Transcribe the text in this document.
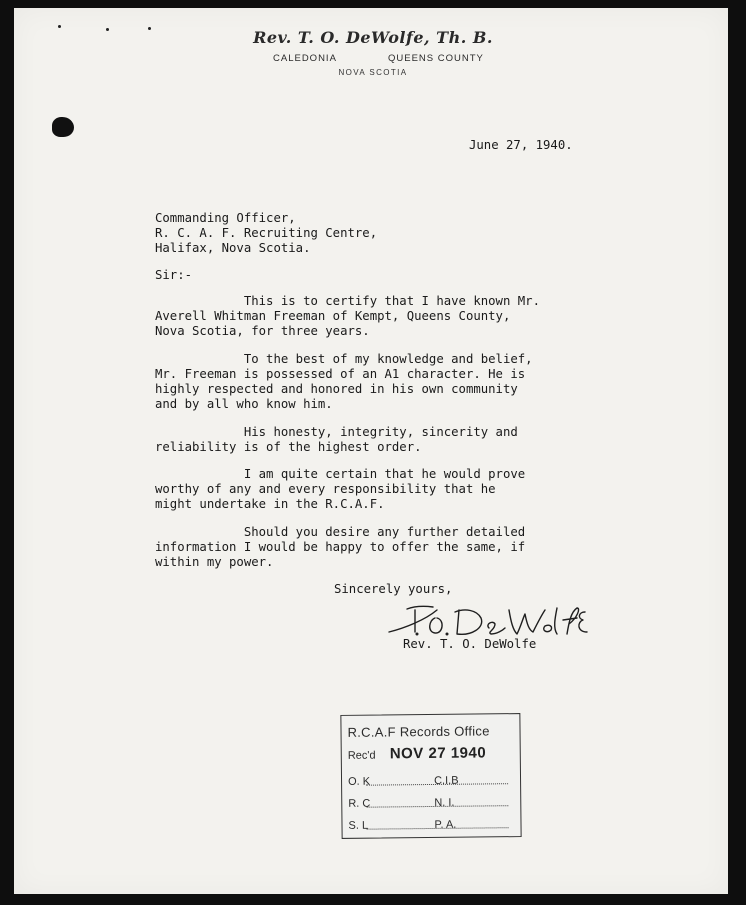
Rev. T. O. DeWolfe, Th. B.
CALEDONIA	QUEENS COUNTY
NOVA SCOTIA
June 27, 1940.
Commanding Officer,
R. C. A. F. Recruiting Centre,
Halifax, Nova Scotia.
Sir:-
This is to certify that I have known Mr.
Averell Whitman Freeman of Kempt, Queens County,
Nova Scotia, for three years.
To the best of my knowledge and belief,
Mr. Freeman is possessed of an A1 character. He is
highly respected and honored in his own community
and by all who know him.
His honesty, integrity, sincerity and
reliability is of the highest order.
I am quite certain that he would prove
worthy of any and every responsibility that he
might undertake in the R.C.A.F.
Should you desire any further detailed
information I would be happy to offer the same, if
within my power.
Sincerely yours,
Rev. T. O. DeWolfe
R.C.A.F Records Office
Rec'd NOV 27 1940
O. K	C.I.B
R. C	N. I.
S. L	P. A.
